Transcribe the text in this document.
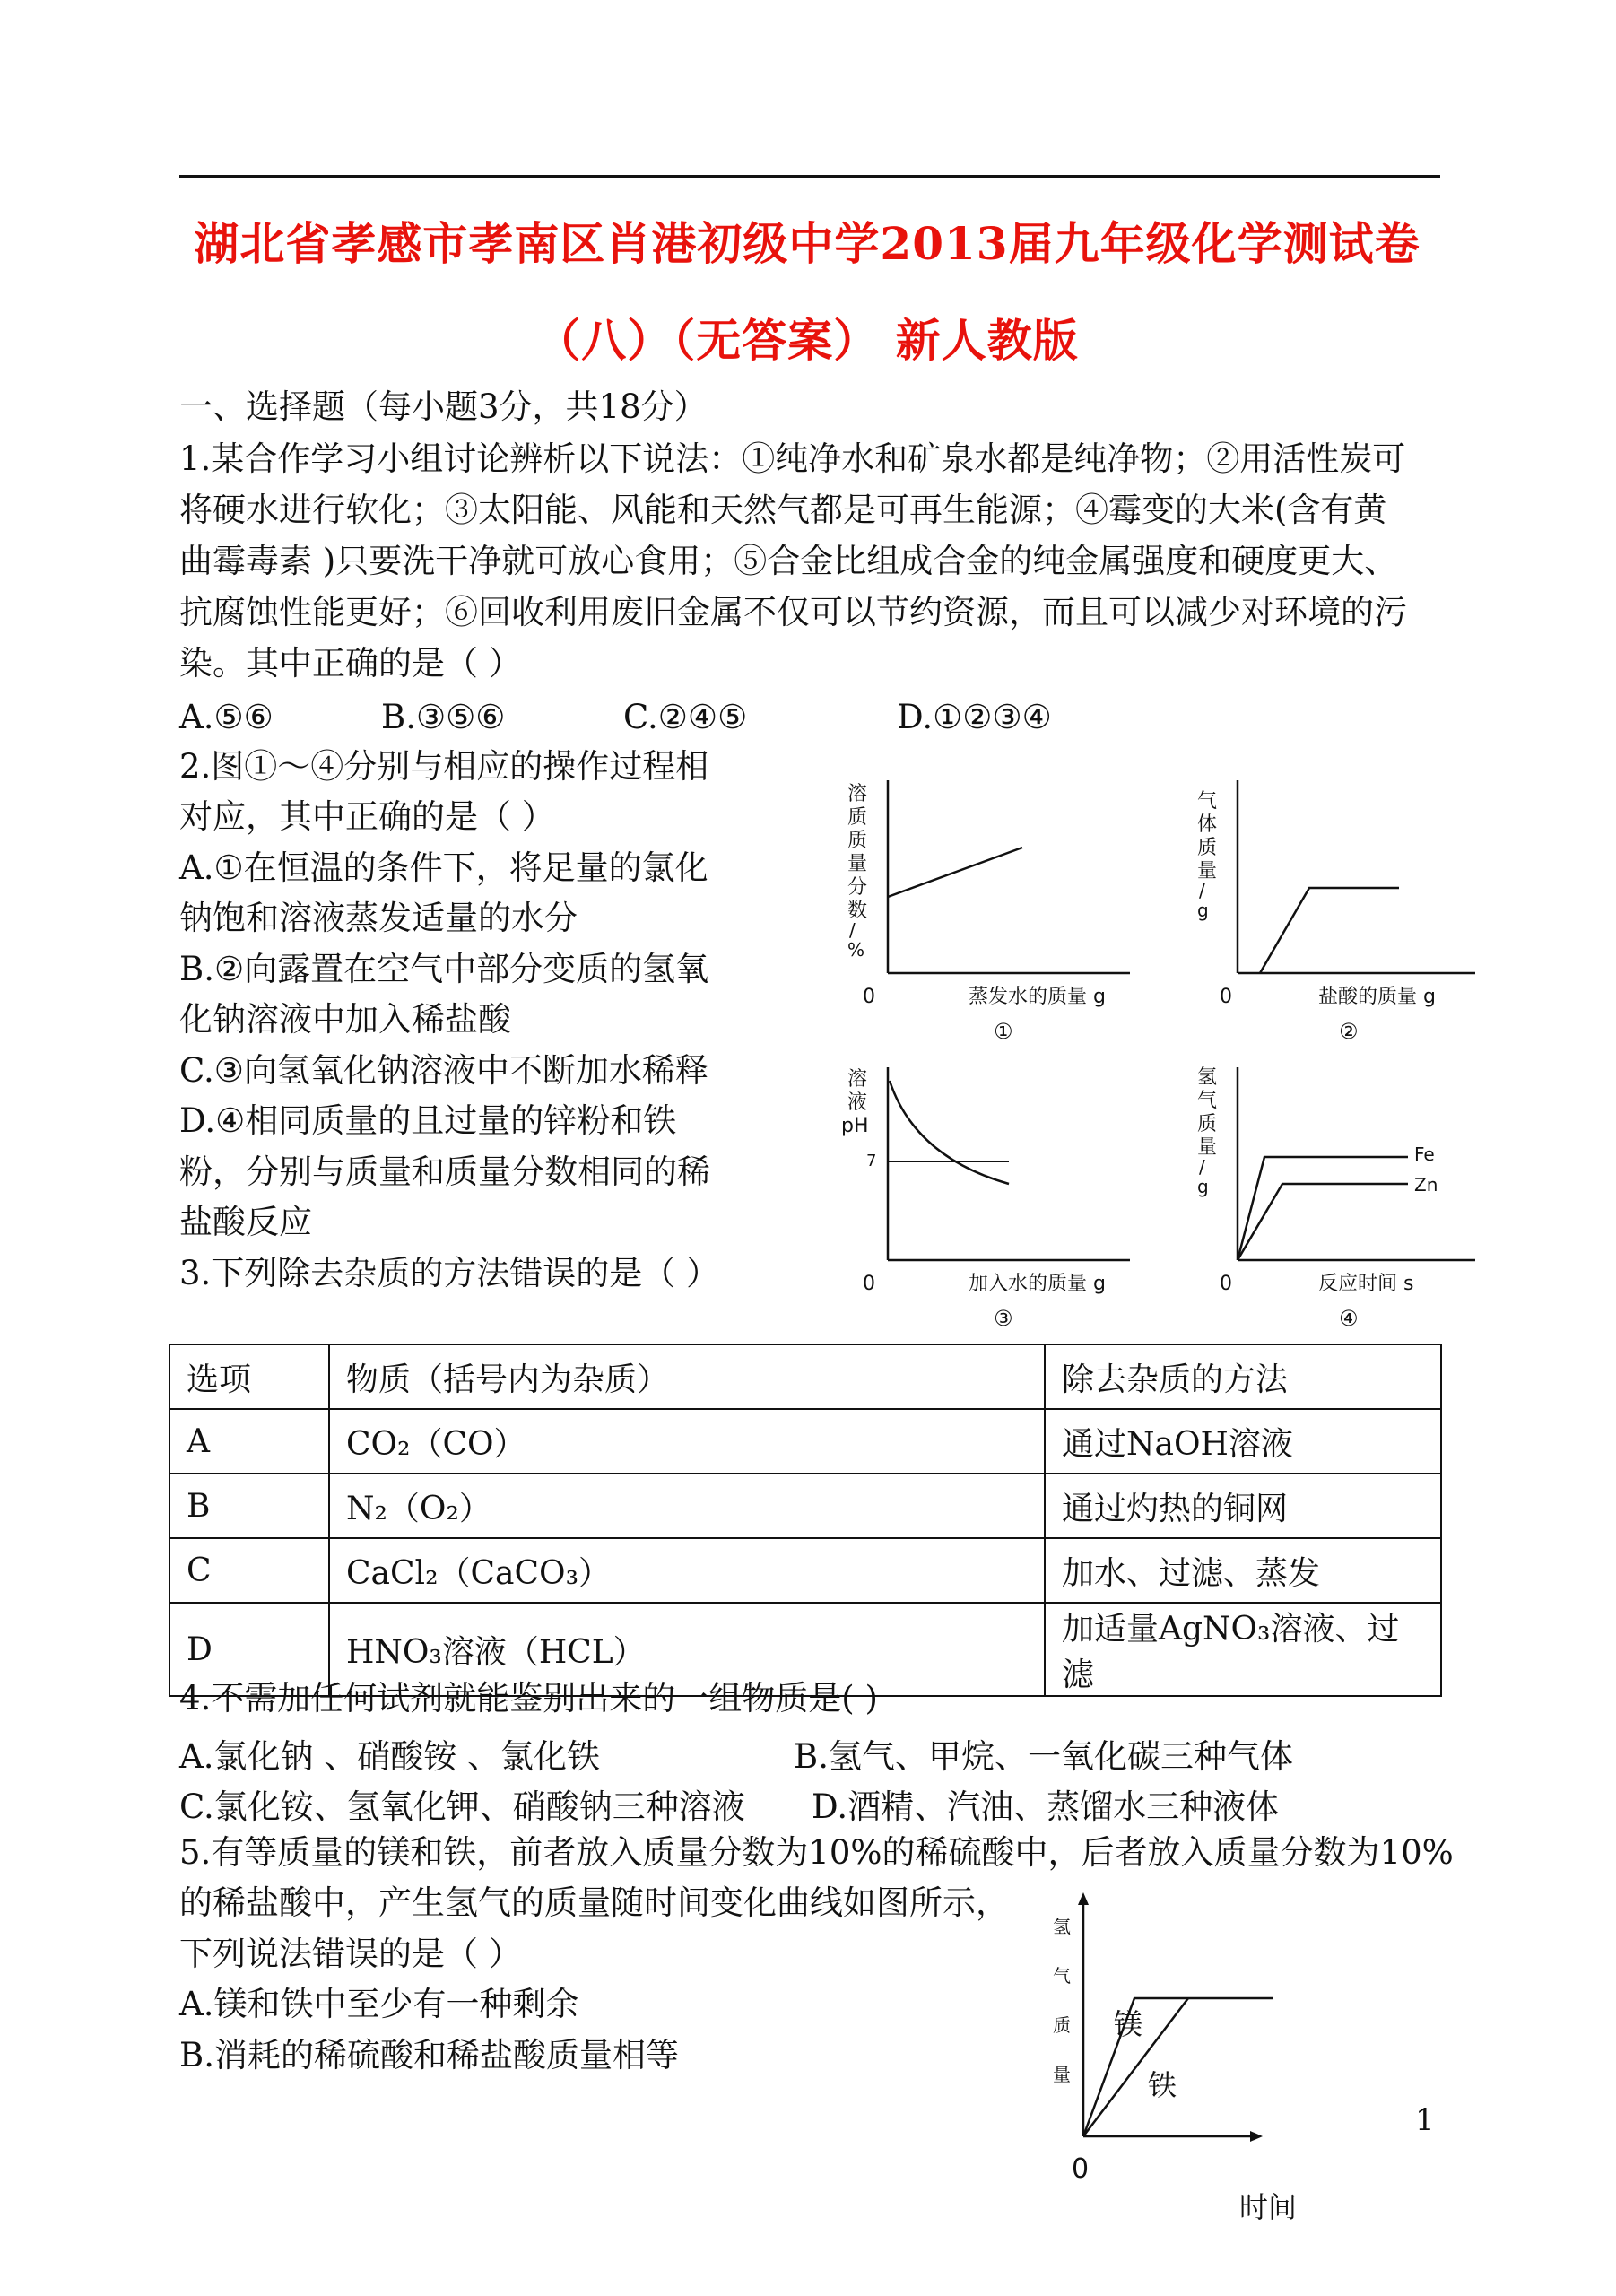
湖北省孝感市孝南区肖港初级中学2013届九年级化学测试卷
（八）（无答案） 新人教版
一、选择题（每小题3分，共18分）
1.某合作学习小组讨论辨析以下说法：①纯净水和矿泉水都是纯净物；②用活性炭可
将硬水进行软化；③太阳能、风能和天然气都是可再生能源；④霉变的大米(含有黄
曲霉毒素 )只要洗干净就可放心食用；⑤合金比组成合金的纯金属强度和硬度更大、
抗腐蚀性能更好；⑥回收利用废旧金属不仅可以节约资源，而且可以减少对环境的污
染。其中正确的是（ ）
A.⑤⑥	B.③⑤⑥	C.②④⑤	D.①②③④
2.图①～④分别与相应的操作过程相
对应，其中正确的是（ ）
A.①在恒温的条件下，将足量的氯化
钠饱和溶液蒸发适量的水分
B.②向露置在空气中部分变质的氢氧
化钠溶液中加入稀盐酸
C.③向氢氧化钠溶液中不断加水稀释
D.④相同质量的且过量的锌粉和铁
粉，分别与质量和质量分数相同的稀
盐酸反应
3.下列除去杂质的方法错误的是（ ）
溶
质
质
量
分
数
/
%
0	蒸发水的质量 g
①
气
体
质
量
/
g
0	盐酸的质量 g
②
溶
液
pH
7
0	加入水的质量 g
③
氢
气
质
量
/
g
Fe
Zn
0	反应时间 s
④
选项	物质（括号内为杂质）	除去杂质的方法
A	CO₂（CO）	通过NaOH溶液
B	N₂（O₂）	通过灼热的铜网
C	CaCl₂（CaCO₃）	加水、过滤、蒸发
D	HNO₃溶液（HCL）	加适量AgNO₃溶液、过滤
4.不需加任何试剂就能鉴别出来的一组物质是( )
A.氯化钠 、硝酸铵 、氯化铁	B.氢气、甲烷、一氧化碳三种气体
C.氯化铵、氢氧化钾、硝酸钠三种溶液 D.酒精、汽油、蒸馏水三种液体
5.有等质量的镁和铁，前者放入质量分数为10%的稀硫酸中，后者放入质量分数为10%
的稀盐酸中，产生氢气的质量随时间变化曲线如图所示，
下列说法错误的是（ ）
A.镁和铁中至少有一种剩余
B.消耗的稀硫酸和稀盐酸质量相等
氢
气
质
量
镁
铁
0
时间
1
